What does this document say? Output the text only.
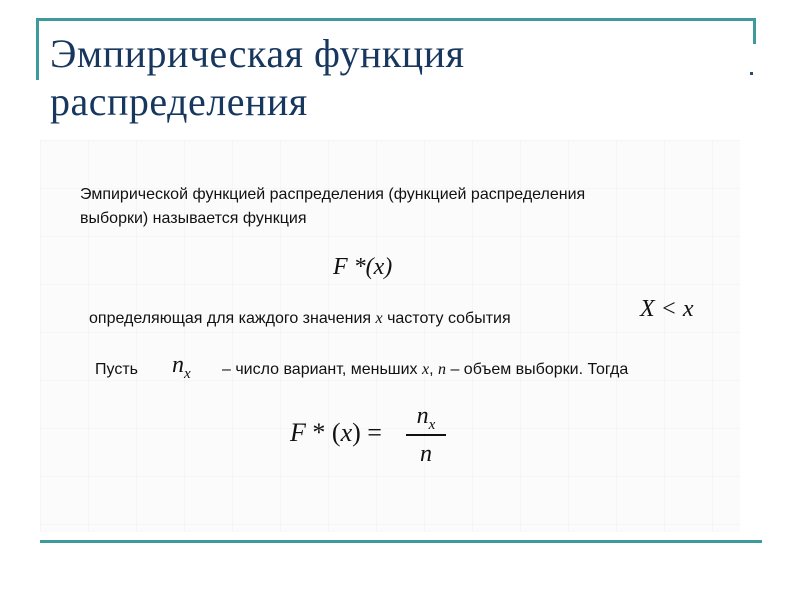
Эмпирическая функция
распределения
Эмпирической функцией распределения (функцией распределения
выборки) называется функция
F *(x)
определяющая для каждого значения x частоту события	X < x
Пусть $n_x$ – число вариант, меньших x, n – объем выборки. Тогда
F * (x) =
$n_x$
n
